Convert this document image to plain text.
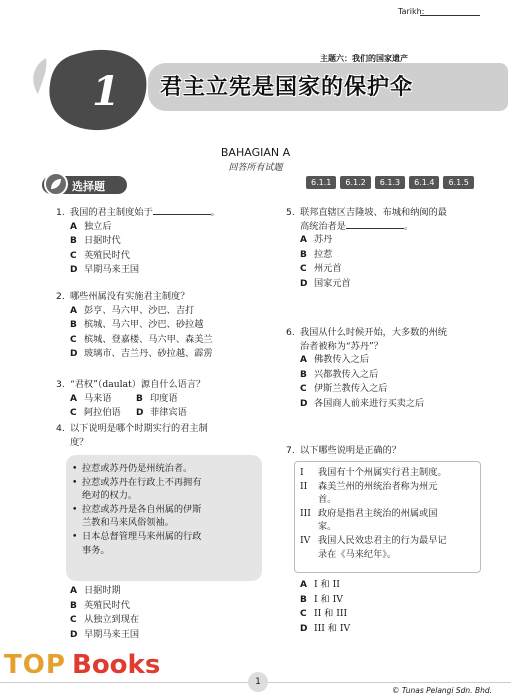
Tarikh:
1
主题六：我们的国家遗产
君主立宪是国家的保护伞
BAHAGIAN A
回答所有试题
选择题	6.1.1	6.1.2	6.1.3	6.1.4	6.1.5
1. 我国的君主制度始于	。
A 独立后
B 日据时代
C 英殖民时代
D 早期马来王国
2. 哪些州属没有实施君主制度？
A 彭亨、马六甲、沙巴、吉打
B 槟城、马六甲、沙巴、砂拉越
C 槟城、登嘉楼、马六甲、森美兰
D 玻璃市、吉兰丹、砂拉越、霹雳
3. “君权”（daulat）源自什么语言？
A 马来语	B 印度语
C 阿拉伯语 D 菲律宾语
4. 以下说明是哪个时期实行的君主制
度？
• 拉惹或苏丹仍是州统治者。
• 拉惹或苏丹在行政上不再拥有
绝对的权力。
• 拉惹或苏丹是各自州属的伊斯
兰教和马来风俗领袖。
• 日本总督管理马来州属的行政
事务。
A 日据时期
B 英殖民时代
C 从独立到现在
D 早期马来王国
5. 联邦直辖区吉隆坡、布城和纳闽的最
高统治者是	。
A 苏丹
B 拉惹
C 州元首
D 国家元首
6. 我国从什么时候开始，大多数的州统
治者被称为“苏丹”？
A 佛教传入之后
B 兴都教传入之后
C 伊斯兰教传入之后
D 各国商人前来进行买卖之后
7. 以下哪些说明是正确的？
I 我国有十个州属实行君主制度。
II 森美兰州的州统治者称为州元
首。
III 政府是指君主统治的州属或国
家。
IV 我国人民效忠君主的行为最早记
录在《马来纪年》。
A I 和 II
B I 和 IV
C II 和 III
D III 和 IV
1
© Tunas Pelangi Sdn. Bhd.
TOP Books
